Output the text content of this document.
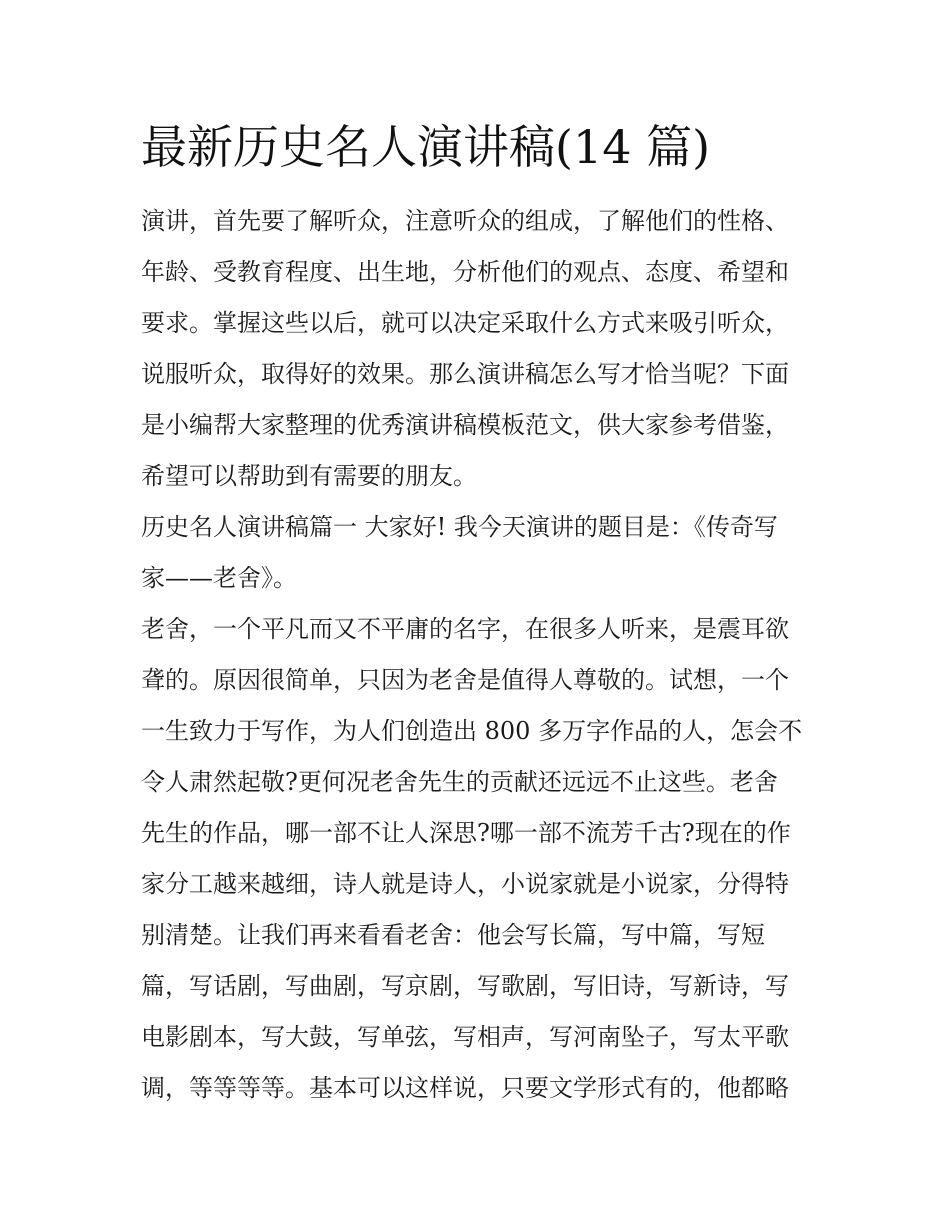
最新历史名人演讲稿(14 篇)
演讲，首先要了解听众，注意听众的组成，了解他们的性格、
年龄、受教育程度、出生地，分析他们的观点、态度、希望和
要求。掌握这些以后，就可以决定采取什么方式来吸引听众，
说服听众，取得好的效果。那么演讲稿怎么写才恰当呢？下面
是小编帮大家整理的优秀演讲稿模板范文，供大家参考借鉴，
希望可以帮助到有需要的朋友。
历史名人演讲稿篇一 大家好! 我今天演讲的题目是：《传奇写
家——老舍》。
老舍，一个平凡而又不平庸的名字，在很多人听来，是震耳欲
聋的。原因很简单，只因为老舍是值得人尊敬的。试想，一个
一生致力于写作，为人们创造出 800 多万字作品的人，怎会不
令人肃然起敬?更何况老舍先生的贡献还远远不止这些。老舍
先生的作品，哪一部不让人深思?哪一部不流芳千古?现在的作
家分工越来越细，诗人就是诗人，小说家就是小说家，分得特
别清楚。让我们再来看看老舍：他会写长篇，写中篇，写短
篇，写话剧，写曲剧，写京剧，写歌剧，写旧诗，写新诗，写
电影剧本，写大鼓，写单弦，写相声，写河南坠子，写太平歌
调，等等等等。基本可以这样说，只要文学形式有的，他都略
